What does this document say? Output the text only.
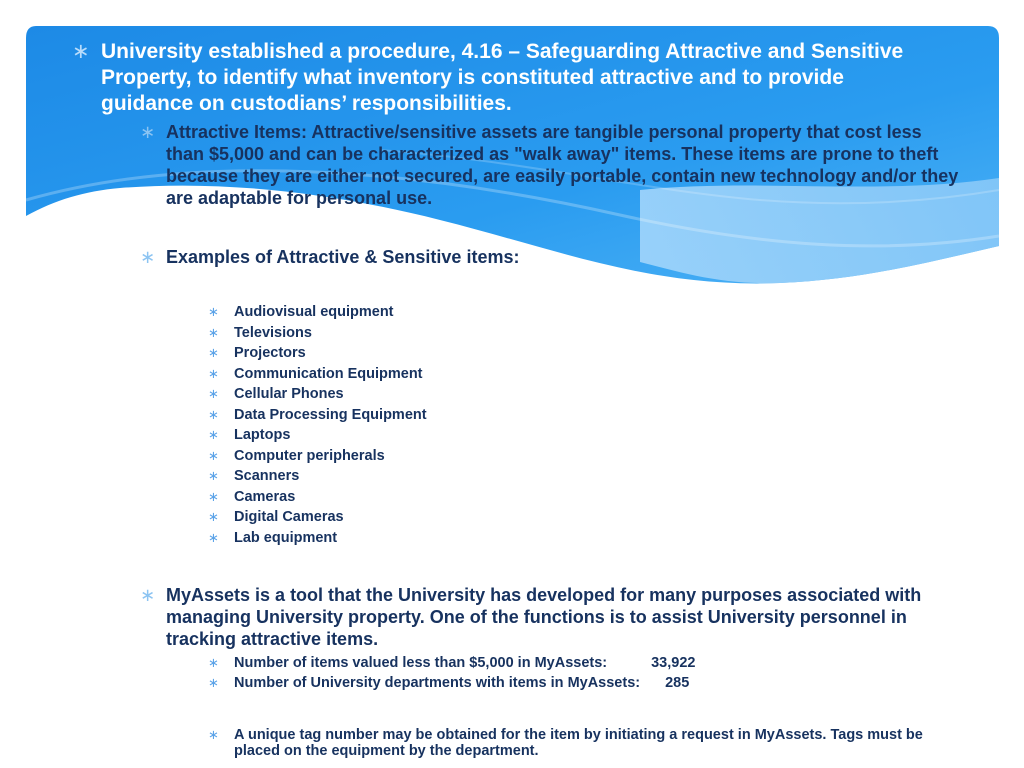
∗ University established a procedure, 4.16 – Safeguarding Attractive and Sensitive Property, to identify what inventory is constituted attractive and to provide guidance on custodians’ responsibilities.
∗ Attractive Items: Attractive/sensitive assets are tangible personal property that cost less than $5,000 and can be characterized as "walk away" items. These items are prone to theft because they are either not secured, are easily portable, contain new technology and/or they are adaptable for personal use.
∗ Examples of Attractive & Sensitive items:
∗	Audiovisual equipment
∗	Televisions
∗	Projectors
∗	Communication Equipment
∗	Cellular Phones
∗	Data Processing Equipment
∗	Laptops
∗	Computer peripherals
∗	Scanners
∗	Cameras
∗	Digital Cameras
∗	Lab equipment
∗ MyAssets is a tool that the University has developed for many purposes associated with managing University property. One of the functions is to assist University personnel in tracking attractive items.
∗	Number of items valued less than $5,000 in MyAssets:	33,922
∗	Number of University departments with items in MyAssets: 285
∗	A unique tag number may be obtained for the item by initiating a request in MyAssets. Tags must be placed on the equipment by the department.
